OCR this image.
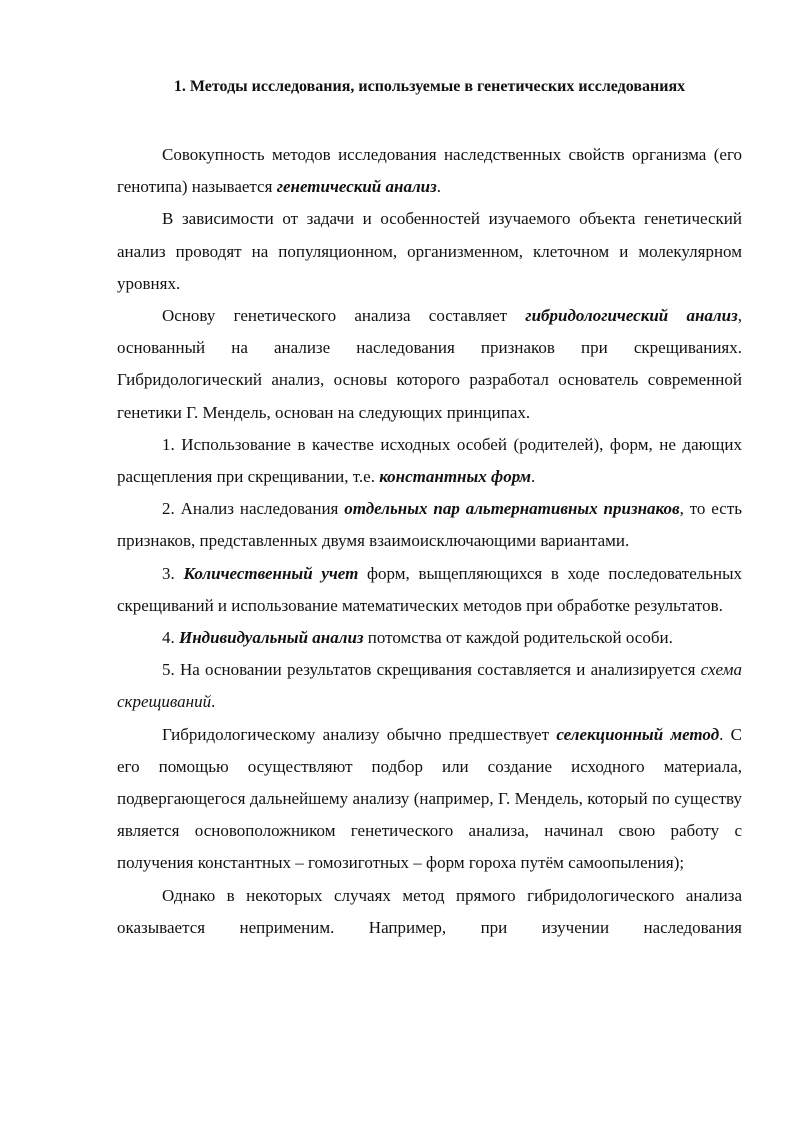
1. Методы исследования, используемые в генетических исследованиях

Совокупность методов исследования наследственных свойств организма (его генотипа) называется генетический анализ.

В зависимости от задачи и особенностей изучаемого объекта генетический анализ проводят на популяционном, организменном, клеточном и молекулярном уровнях.

Основу генетического анализа составляет гибридологический анализ, основанный на анализе наследования признаков при скрещиваниях. Гибридологический анализ, основы которого разработал основатель современной генетики Г. Мендель, основан на следующих принципах.

1. Использование в качестве исходных особей (родителей), форм, не дающих расщепления при скрещивании, т.е. константных форм.

2. Анализ наследования отдельных пар альтернативных признаков, то есть признаков, представленных двумя взаимоисключающими вариантами.

3. Количественный учет форм, выщепляющихся в ходе последовательных скрещиваний и использование математических методов при обработке результатов.

4. Индивидуальный анализ потомства от каждой родительской особи.

5. На основании результатов скрещивания составляется и анализируется схема скрещиваний.

Гибридологическому анализу обычно предшествует селекционный метод. С его помощью осуществляют подбор или создание исходного материала, подвергающегося дальнейшему анализу (например, Г. Мендель, который по существу является основоположником генетического анализа, начинал свою работу с получения константных – гомозиготных – форм гороха путём самоопыления);

Однако в некоторых случаях метод прямого гибридологического анализа оказывается неприменим. Например, при изучении наследования
